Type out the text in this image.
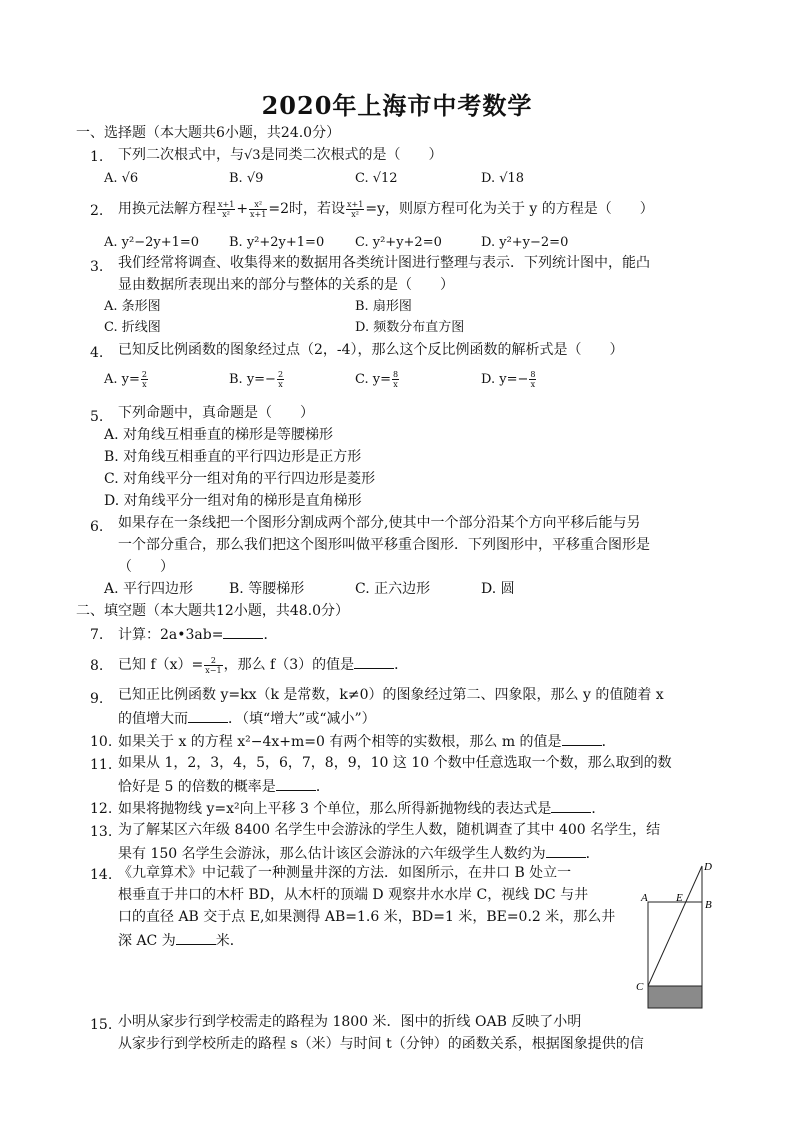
2020年上海市中考数学
一、选择题（本大题共6小题，共24.0分）
1. 下列二次根式中，与√3是同类二次根式的是（　　）
A. √6	B. √9	C. √12	D. √18
2. 用换元法解方程 $\frac{x+1}{\text{x²}} + \frac{\text{x²}}{x+1} =2$时，若设 $\frac{x+1}{\text{x²}} =y$，则原方程可化为关于 y 的方程是（　　）
A. y²−2y+1=0 B. y²+2y+1=0 C. y²+y+2=0	D. y²+y−2=0
3. 我们经常将调查、收集得来的数据用各类统计图进行整理与表示．下列统计图中，能凸
显由数据所表现出来的部分与整体的关系的是（　　）
A. 条形图	B. 扇形图
C. 折线图	D. 频数分布直方图
4. 已知反比例函数的图象经过点（2，-4），那么这个反比例函数的解析式是（　　）
A. $y= \frac{2}{x}$	B. $y=- \frac{2}{x}$	C. $y= \frac{8}{x}$	D. $y=- \frac{8}{x}$
5. 下列命题中，真命题是（　　）
A. 对角线互相垂直的梯形是等腰梯形
B. 对角线互相垂直的平行四边形是正方形
C. 对角线平分一组对角的平行四边形是菱形
D. 对角线平分一组对角的梯形是直角梯形
6. 如果存在一条线把一个图形分割成两个部分,使其中一个部分沿某个方向平移后能与另
一个部分重合，那么我们把这个图形叫做平移重合图形．下列图形中，平移重合图形是
（　　）
A. 平行四边形	B. 等腰梯形	C. 正六边形	D. 圆
二、填空题（本大题共12小题，共48.0分）
7. 计算：2a•3ab=	．
8. 已知 $f(x)= \frac{2}{x-1}$ ，那么 f（3）的值是	．
9. 已知正比例函数 y=kx（k 是常数，k≠0）的图象经过第二、四象限，那么 y 的值随着 x
的值增大而	．（填“增大”或“减小”）
10. 如果关于 x 的方程 x²−4x+m=0 有两个相等的实数根，那么 m 的值是	．
11. 如果从 1，2，3，4，5，6，7，8，9，10 这 10 个数中任意选取一个数，那么取到的数
恰好是 5 的倍数的概率是	．
12. 如果将抛物线 y=x²向上平移 3 个单位，那么所得新抛物线的表达式是	．
13. 为了解某区六年级 8400 名学生中会游泳的学生人数，随机调查了其中 400 名学生，结
果有 150 名学生会游泳，那么估计该区会游泳的六年级学生人数约为	．
14. 《九章算术》中记载了一种测量井深的方法．如图所示，在井口 B 处立一
根垂直于井口的木杆 BD，从木杆的顶端 D 观察井水水岸 C，视线 DC 与井
口的直径 AB 交于点 E,如果测得 AB=1.6 米，BD=1 米，BE=0.2 米，那么井
深 AC 为	米．
D
A	E
B
C
15. 小明从家步行到学校需走的路程为 1800 米．图中的折线 OAB 反映了小明
从家步行到学校所走的路程 s（米）与时间 t（分钟）的函数关系，根据图象提供的信
